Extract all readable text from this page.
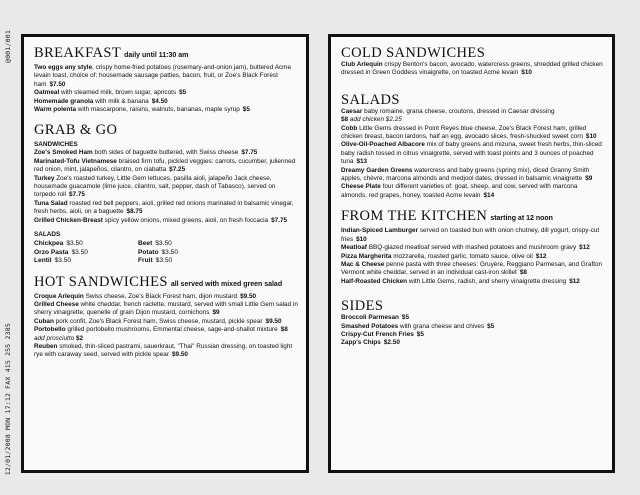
@001/001
12/01/2008 MON 17:12 FAX 415 255 2385
BREAKFAST daily until 11:30 am
Two eggs any style, crispy home-fried potatoes (rosemary-and-onion jam), buttered Acme levain toast, choice of: housemade sausage patties, bacon, fruit, or Zoe's Black Forest ham $7.50
Oatmeal with steamed milk, brown sugar, apricots $5
Homemade granola with milk & banana $4.50
Warm polenta with mascarpone, raisins, walnuts, bananas, maple syrup $5
GRAB & GO
SANDWICHES
Zoe's Smoked Ham both sides of baguette buttered, with Swiss cheese $7.75
Marinated-Tofu Vietnamese braised firm tofu, pickled veggies: carrots, cucumber, julienned red onion, mint, jalapeños, cilantro, on ciabatta $7.25
Turkey Zoe's roasted turkey, Little Gem lettuces, pasilla aioli, jalapeño Jack cheese, housemade guacamole (lime juice, cilantro, salt, pepper, dash of Tabasco), served on torpedo roll $7.75
Tuna Salad roasted red bell peppers, aioli, grilled red onions marinated in balsamic vinegar, fresh herbs, aioli, on a baguette $8.75
Grilled Chicken-Breast spicy yellow onions, mixed greens, aioli, on fresh foccacia $7.75
SALADS
Chickpea $3.50	Beet $3.50
Orzo Pasta $3.50	Potato $3.50
Lentil $3.50	Fruit $3.50
HOT SANDWICHES all served with mixed green salad
Croque Arlequin Swiss cheese, Zoe's Black Forest ham, dijon mustard $9.50
Grilled Cheese white cheddar, french raclette, mustard, served with small Little Gem salad in sherry vinaigrette, quenelle of grain Dijon mustard, cornichons $9
Cuban pork confit, Zoe's Black Forest ham, Swiss cheese, mustard, pickle spear $9.50
Portobello grilled portobello mushrooms, Emmental cheese, sage-and-shallot mixture $8 add prosciutto $2
Reuben smoked, thin-sliced pastrami, sauerkraut, "Thai" Russian dressing, on toasted light rye with caraway seed, served with pickle spear $9.50
COLD SANDWICHES
Club Arlequin crispy Benton's bacon, avocado, watercress greens, shredded grilled chicken dressed in Green Goddess vinaigrette, on toasted Acme levain $10
SALADS
Caesar baby romaine, grana cheese, croutons, dressed in Caesar dressing
$8 add chicken $2.25
Cobb Little Gems dressed in Point Reyes blue cheese, Zoe's Black Forest ham, grilled chicken breast, bacon lardons, half an egg, avocado slices, fresh-shucked sweet corn $10
Olive-Oil-Poached Albacore mix of baby greens and mizuna, sweet fresh herbs, thin-sliced baby radish tossed in citrus vinaigrette, served with toast points and 3 ounces of poached tuna $13
Dreamy Garden Greens watercress and baby greens (spring mix), diced Granny Smith apples, chèvre, marcona almonds and medjool dates, dressed in balsamic vinaigrette $9
Cheese Plate four different varieties of: goat, sheep, and cow, served with marcona almonds, red grapes, honey, toasted Acme levain $14
FROM THE KITCHEN starting at 12 noon
Indian-Spiced Lamburger served on toasted bun with onion chutney, dill yogurt, crispy-cut fries $10
Meatloaf BBQ-glazed meatloaf served with mashed potatoes and mushroom gravy $12
Pizza Margherita mozzarella, roasted garlic, tomato sauce, olive oil $12
Mac & Cheese penne pasta with three cheeses: Gruyère, Reggiano Parmesan, and Grafton Vermont white cheddar, served in an individual cast-iron skillet $8
Half-Roasted Chicken with Little Gems, radish, and sherry vinaigrette dressing $12
SIDES
Broccoli Parmesan $5
Smashed Potatoes with grana cheese and chives $5
Crispy-Cut French Fries $5
Zapp's Chips $2.50
